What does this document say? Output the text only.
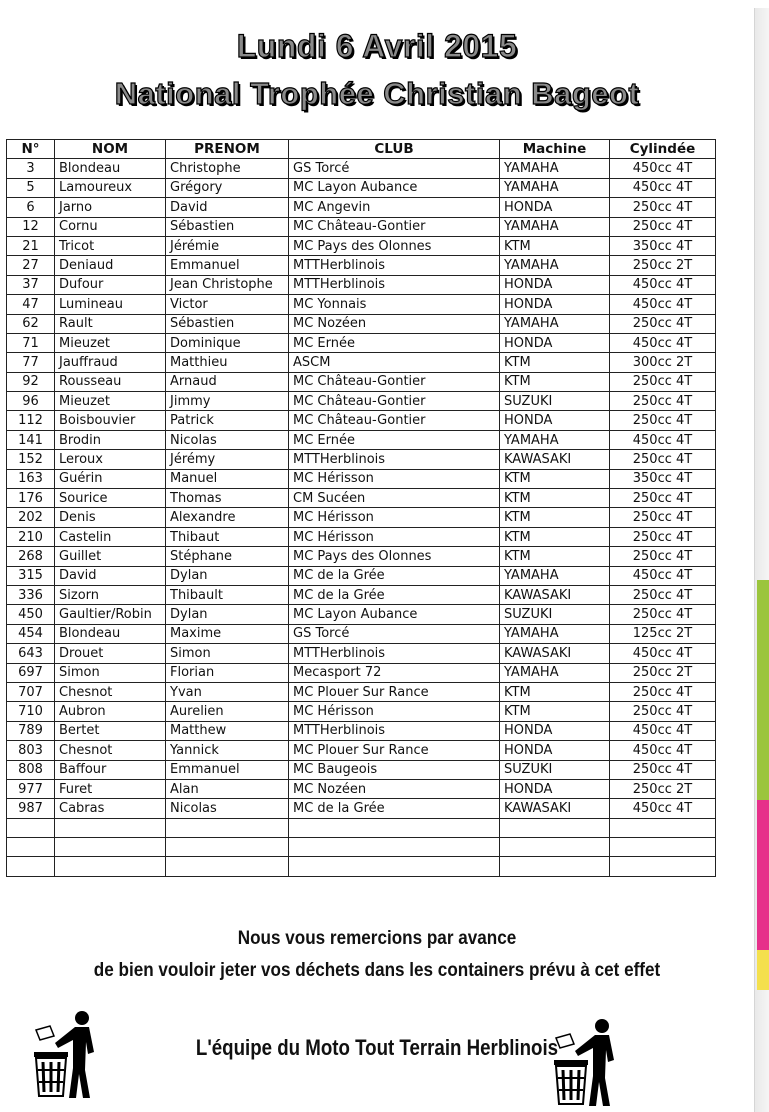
Lundi 6 Avril 2015
National Trophée Christian Bageot
N°	NOM	PRENOM	CLUB	Machine	Cylindée
3	Blondeau	Christophe	GS Torcé	YAMAHA	450cc 4T
5	Lamoureux	Grégory	MC Layon Aubance	YAMAHA	450cc 4T
6	Jarno	David	MC Angevin	HONDA	250cc 4T
12	Cornu	Sébastien	MC Château-Gontier	YAMAHA	250cc 4T
21	Tricot	Jérémie	MC Pays des Olonnes	KTM	350cc 4T
27	Deniaud	Emmanuel	MTTHerblinois	YAMAHA	250cc 2T
37	Dufour	Jean Christophe	MTTHerblinois	HONDA	450cc 4T
47	Lumineau	Victor	MC Yonnais	HONDA	450cc 4T
62	Rault	Sébastien	MC Nozéen	YAMAHA	250cc 4T
71	Mieuzet	Dominique	MC Ernée	HONDA	450cc 4T
77	Jauffraud	Matthieu	ASCM	KTM	300cc 2T
92	Rousseau	Arnaud	MC Château-Gontier	KTM	250cc 4T
96	Mieuzet	Jimmy	MC Château-Gontier	SUZUKI	250cc 4T
112	Boisbouvier	Patrick	MC Château-Gontier	HONDA	250cc 4T
141	Brodin	Nicolas	MC Ernée	YAMAHA	450cc 4T
152	Leroux	Jérémy	MTTHerblinois	KAWASAKI	250cc 4T
163	Guérin	Manuel	MC Hérisson	KTM	350cc 4T
176	Sourice	Thomas	CM Sucéen	KTM	250cc 4T
202	Denis	Alexandre	MC Hérisson	KTM	250cc 4T
210	Castelin	Thibaut	MC Hérisson	KTM	250cc 4T
268	Guillet	Stéphane	MC Pays des Olonnes	KTM	250cc 4T
315	David	Dylan	MC de la Grée	YAMAHA	450cc 4T
336	Sizorn	Thibault	MC de la Grée	KAWASAKI	250cc 4T
450	Gaultier/Robin	Dylan	MC Layon Aubance	SUZUKI	250cc 4T
454	Blondeau	Maxime	GS Torcé	YAMAHA	125cc 2T
643	Drouet	Simon	MTTHerblinois	KAWASAKI	450cc 4T
697	Simon	Florian	Mecasport 72	YAMAHA	250cc 2T
707	Chesnot	Yvan	MC Plouer Sur Rance	KTM	250cc 4T
710	Aubron	Aurelien	MC Hérisson	KTM	250cc 4T
789	Bertet	Matthew	MTTHerblinois	HONDA	450cc 4T
803	Chesnot	Yannick	MC Plouer Sur Rance	HONDA	450cc 4T
808	Baffour	Emmanuel	MC Baugeois	SUZUKI	250cc 4T
977	Furet	Alan	MC Nozéen	HONDA	250cc 2T
987	Cabras	Nicolas	MC de la Grée	KAWASAKI	450cc 4T

Nous vous remercions par avance
de bien vouloir jeter vos déchets dans les containers prévu à cet effet
L'équipe du Moto Tout Terrain Herblinois
